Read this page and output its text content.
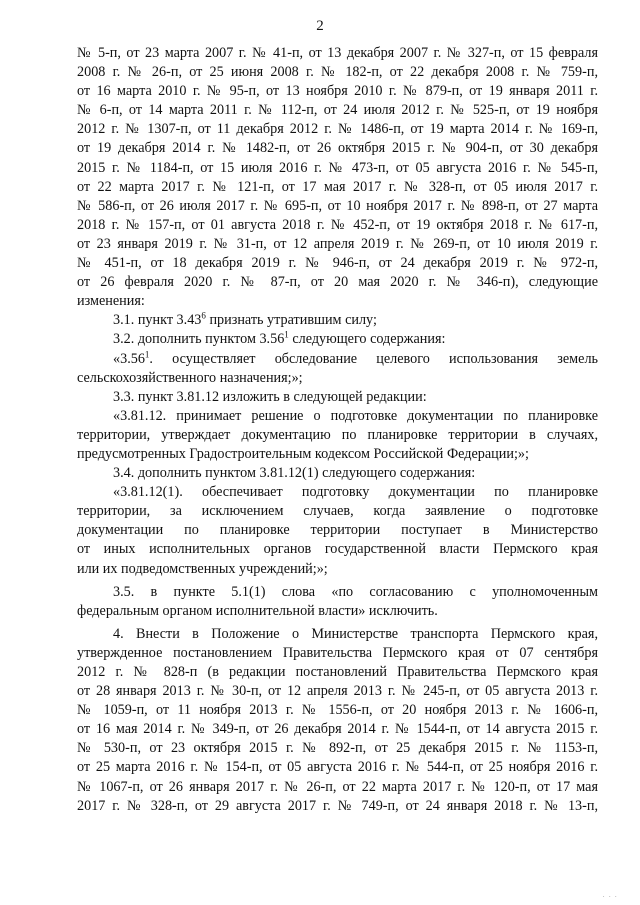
2
№ 5-п, от 23 марта 2007 г. № 41-п, от 13 декабря 2007 г. № 327-п, от 15 февраля
2008 г. № 26-п, от 25 июня 2008 г. № 182-п, от 22 декабря 2008 г. № 759-п,
от 16 марта 2010 г. № 95-п, от 13 ноября 2010 г. № 879-п, от 19 января 2011 г.
№ 6-п, от 14 марта 2011 г. № 112-п, от 24 июля 2012 г. № 525-п, от 19 ноября
2012 г. № 1307-п, от 11 декабря 2012 г. № 1486-п, от 19 марта 2014 г. № 169-п,
от 19 декабря 2014 г. № 1482-п, от 26 октября 2015 г. № 904-п, от 30 декабря
2015 г. № 1184-п, от 15 июля 2016 г. № 473-п, от 05 августа 2016 г. № 545-п,
от 22 марта 2017 г. № 121-п, от 17 мая 2017 г. № 328-п, от 05 июля 2017 г.
№ 586-п, от 26 июля 2017 г. № 695-п, от 10 ноября 2017 г. № 898-п, от 27 марта
2018 г. № 157-п, от 01 августа 2018 г. № 452-п, от 19 октября 2018 г. № 617-п,
от 23 января 2019 г. № 31-п, от 12 апреля 2019 г. № 269-п, от 10 июля 2019 г.
№ 451-п, от 18 декабря 2019 г. № 946-п, от 24 декабря 2019 г. № 972-п,
от 26 февраля 2020 г. № 87-п, от 20 мая 2020 г. № 346-п), следующие
изменения:
3.1. пункт 3.43$^6$ признать утратившим силу;
3.2. дополнить пунктом 3.56$^1$ следующего содержания:
«3.56$^1$. осуществляет обследование целевого использования земель
сельскохозяйственного назначения;»;
3.3. пункт 3.81.12 изложить в следующей редакции:
«3.81.12. принимает решение о подготовке документации по планировке
территории, утверждает документацию по планировке территории в случаях,
предусмотренных Градостроительным кодексом Российской Федерации;»;
3.4. дополнить пунктом 3.81.12(1) следующего содержания:
«3.81.12(1). обеспечивает подготовку документации по планировке
территории, за исключением случаев, когда заявление о подготовке
документации по планировке территории поступает в Министерство
от иных исполнительных органов государственной власти Пермского края
или их подведомственных учреждений;»;
3.5. в пункте 5.1(1) слова «по согласованию с уполномоченным
федеральным органом исполнительной власти» исключить.
4. Внести в Положение о Министерстве транспорта Пермского края,
утвержденное постановлением Правительства Пермского края от 07 сентября
2012 г. № 828-п (в редакции постановлений Правительства Пермского края
от 28 января 2013 г. № 30-п, от 12 апреля 2013 г. № 245-п, от 05 августа 2013 г.
№ 1059-п, от 11 ноября 2013 г. № 1556-п, от 20 ноября 2013 г. № 1606-п,
от 16 мая 2014 г. № 349-п, от 26 декабря 2014 г. № 1544-п, от 14 августа 2015 г.
№ 530-п, от 23 октября 2015 г. № 892-п, от 25 декабря 2015 г. № 1153-п,
от 25 марта 2016 г. № 154-п, от 05 августа 2016 г. № 544-п, от 25 ноября 2016 г.
№ 1067-п, от 26 января 2017 г. № 26-п, от 22 марта 2017 г. № 120-п, от 17 мая
2017 г. № 328-п, от 29 августа 2017 г. № 749-п, от 24 января 2018 г. № 13-п,
· · ·
